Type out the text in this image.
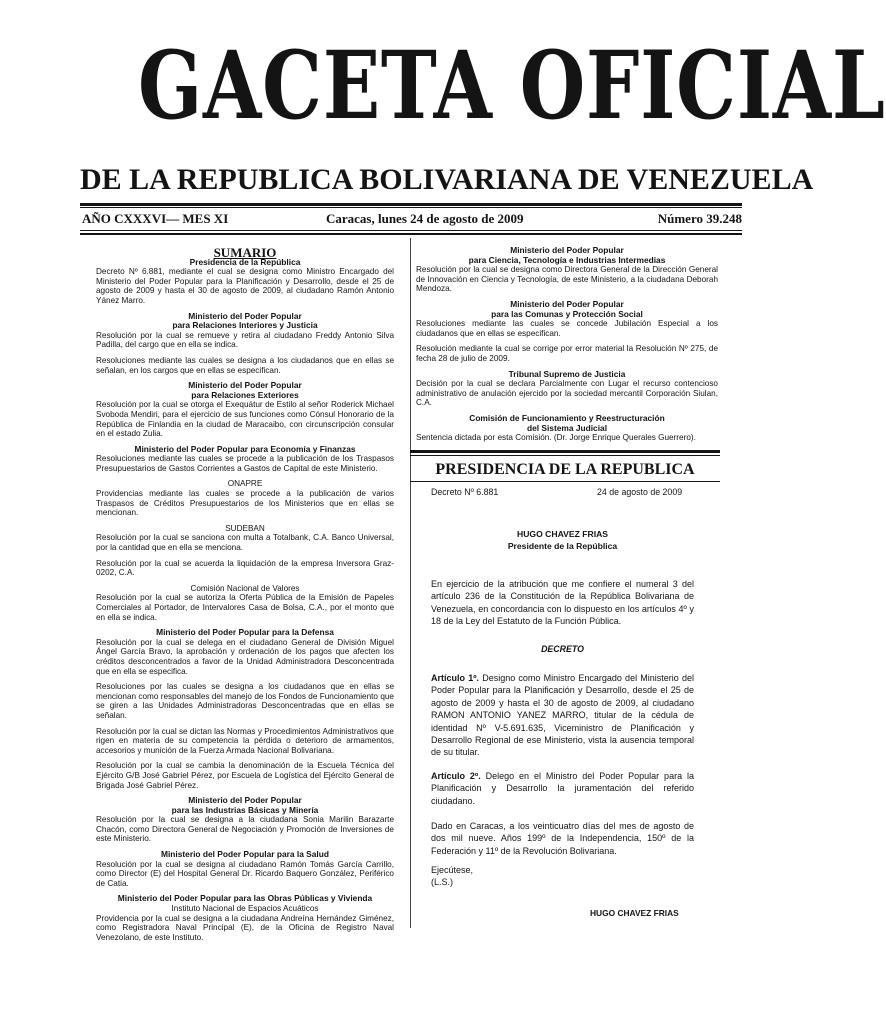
GACETA OFICIAL
DE LA REPUBLICA BOLIVARIANA DE VENEZUELA
AÑO CXXXVI— MES XI	Caracas, lunes 24 de agosto de 2009	Número 39.248

SUMARIO

Presidencia de la República

Decreto Nº 6.881, mediante el cual se designa como Ministro Encargado del Ministerio del Poder Popular para la Planificación y Desarrollo, desde el 25 de agosto de 2009 y hasta el 30 de agosto de 2009, al ciudadano Ramón Antonio Yánez Marro.

Ministerio del Poder Popular

para Relaciones Interiores y Justicia

Resolución por la cual se remueve y retira al ciudadano Freddy Antonio Silva Padilla, del cargo que en ella se indica.

Resoluciones mediante las cuales se designa a los ciudadanos que en ellas se señalan, en los cargos que en ellas se especifican.

Ministerio del Poder Popular

para Relaciones Exteriores

Resolución por la cual se otorga el Exequátur de Estilo al señor Roderick Michael Svoboda Mendiri, para el ejercicio de sus funciones como Cónsul Honorario de la República de Finlandia en la ciudad de Maracaibo, con circunscripción consular en el estado Zulia.

Ministerio del Poder Popular para Economía y Finanzas

Resoluciones mediante las cuales se procede a la publicación de los Traspasos Presupuestarios de Gastos Corrientes a Gastos de Capital de este Ministerio.

ONAPRE

Providencias mediante las cuales se procede a la publicación de varios Traspasos de Créditos Presupuestarios de los Ministerios que en ellas se mencionan.

SUDEBAN

Resolución por la cual se sanciona con multa a Totalbank, C.A. Banco Universal, por la cantidad que en ella se menciona.

Resolución por la cual se acuerda la liquidación de la empresa Inversora Graz-0202, C.A.

Comisión Nacional de Valores

Resolución por la cual se autoriza la Oferta Pública de la Emisión de Papeles Comerciales al Portador, de Intervalores Casa de Bolsa, C.A., por el monto que en ella se indica.

Ministerio del Poder Popular para la Defensa

Resolución por la cual se delega en el ciudadano General de División Miguel Ángel García Bravo, la aprobación y ordenación de los pagos que afecten los créditos desconcentrados a favor de la Unidad Administradora Desconcentrada que en ella se especifica.

Resoluciones por las cuales se designa a los ciudadanos que en ellas se mencionan como responsables del manejo de los Fondos de Funcionamiento que se giren a las Unidades Administradoras Desconcentradas que en ellas se señalan.

Resolución por la cual se dictan las Normas y Procedimientos Administrativos que rigen en materia de su competencia la pérdida o deterioro de armamentos, accesorios y munición de la Fuerza Armada Nacional Bolivariana.

Resolución por la cual se cambia la denominación de la Escuela Técnica del Ejército G/B José Gabriel Pérez, por Escuela de Logística del Ejército General de Brigada José Gabriel Pérez.

Ministerio del Poder Popular

para las Industrias Básicas y Minería

Resolución por la cual se designa a la ciudadana Sonia Marilin Barazarte Chacón, como Directora General de Negociación y Promoción de Inversiones de este Ministerio.

Ministerio del Poder Popular para la Salud

Resolución por la cual se designa al ciudadano Ramón Tomás García Carrillo, como Director (E) del Hospital General Dr. Ricardo Baquero González, Periférico de Catia.

Ministerio del Poder Popular para las Obras Públicas y Vivienda

Instituto Nacional de Espacios Acuáticos

Providencia por la cual se designa a la ciudadana Andreína Hernández Giménez, como Registradora Naval Principal (E), de la Oficina de Registro Naval Venezolano, de este Instituto.

Ministerio del Poder Popular

para Ciencia, Tecnología e Industrias Intermedias

Resolución por la cual se designa como Directora General de la Dirección General de Innovación en Ciencia y Tecnología, de este Ministerio, a la ciudadana Deborah Mendoza.

Ministerio del Poder Popular

para las Comunas y Protección Social

Resoluciones mediante las cuales se concede Jubilación Especial a los ciudadanos que en ellas se especifican.

Resolución mediante la cual se corrige por error material la Resolución Nº 275, de fecha 28 de julio de 2009.

Tribunal Supremo de Justicia

Decisión por la cual se declara Parcialmente con Lugar el recurso contencioso administrativo de anulación ejercido por la sociedad mercantil Corporación Siulan, C.A.

Comisión de Funcionamiento y Reestructuración

del Sistema Judicial

Sentencia dictada por esta Comisión. (Dr. Jorge Enrique Querales Guerrero).

PRESIDENCIA DE LA REPUBLICA
Decreto Nº 6.881	24 de agosto de 2009

HUGO CHAVEZ FRIAS

Presidente de la República

En ejercicio de la atribución que me confiere el numeral 3 del artículo 236 de la Constitución de la República Bolivariana de Venezuela, en concordancia con lo dispuesto en los artículos 4º y 18 de la Ley del Estatuto de la Función Pública.
DECRETO
Artículo 1º. Designo como Ministro Encargado del Ministerio del Poder Popular para la Planificación y Desarrollo, desde el 25 de agosto de 2009 y hasta el 30 de agosto de 2009, al ciudadano RAMON ANTONIO YANEZ MARRO, titular de la cédula de identidad Nº V-5.691.635, Viceministro de Planificación y Desarrollo Regional de ese Ministerio, vista la ausencia temporal de su titular.
Artículo 2º. Delego en el Ministro del Poder Popular para la Planificación y Desarrollo la juramentación del referido ciudadano.
Dado en Caracas, a los veinticuatro días del mes de agosto de dos mil nueve. Años 199º de la Independencia, 150º de la Federación y 11º de la Revolución Bolivariana.

Ejecútese,

(L.S.)

HUGO CHAVEZ FRIAS
